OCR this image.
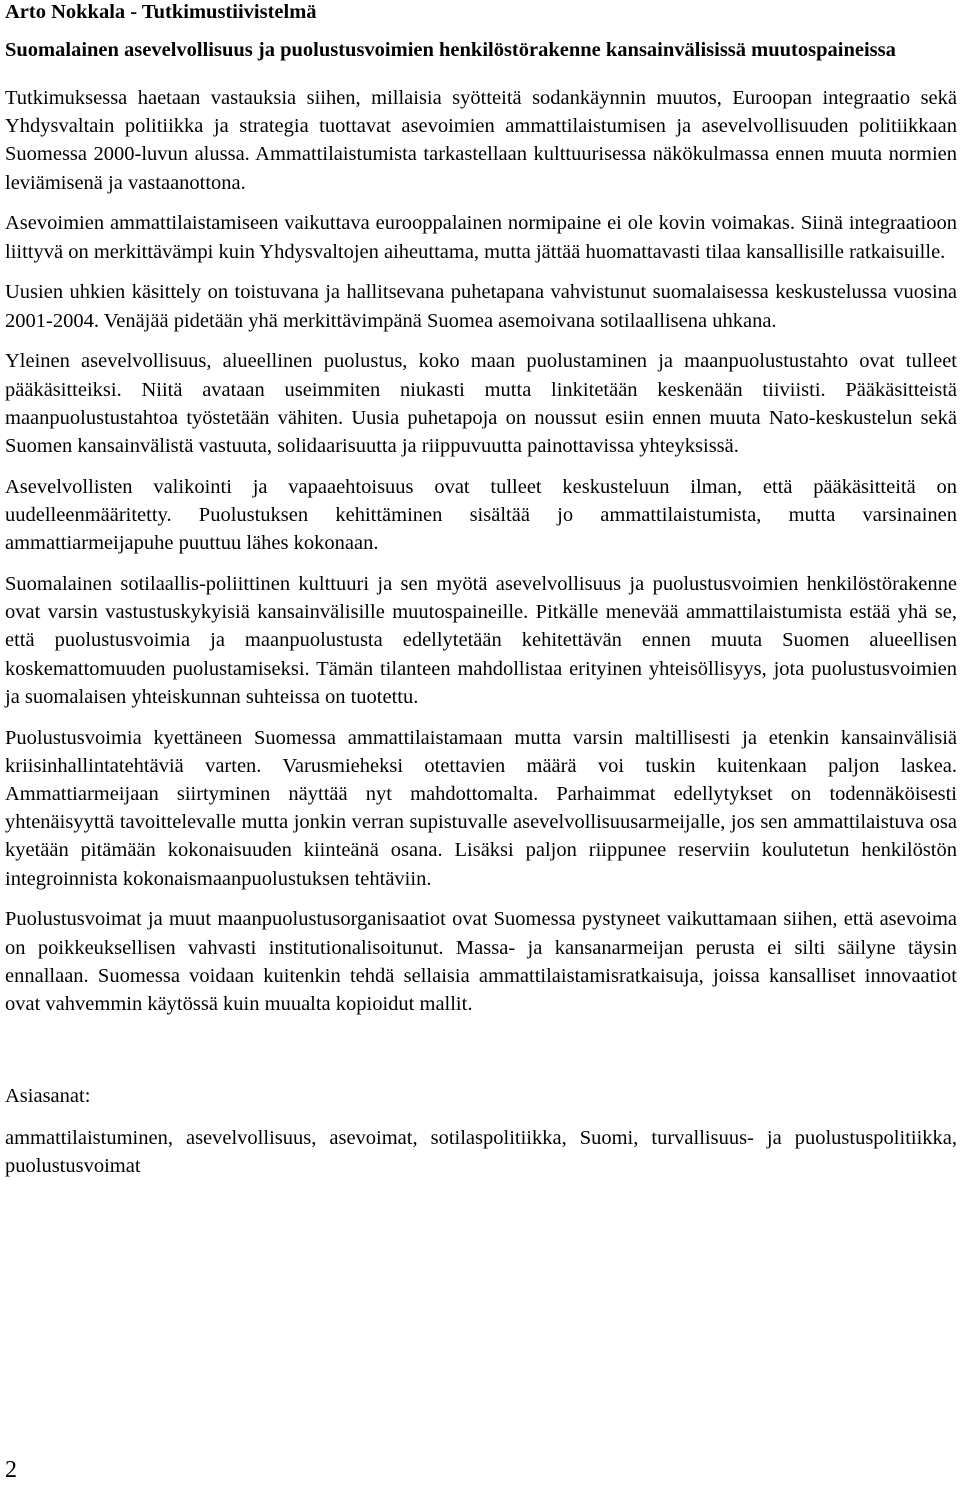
Arto Nokkala - Tutkimustiivistelmä

Suomalainen asevelvollisuus ja puolustusvoimien henkilöstörakenne kansainvälisissä muutospaineissa

Tutkimuksessa haetaan vastauksia siihen, millaisia syötteitä sodankäynnin muutos, Euroopan integraatio sekä Yhdysvaltain politiikka ja strategia tuottavat asevoimien ammattilaistumisen ja asevelvollisuuden politiikkaan Suomessa 2000-luvun alussa. Ammattilaistumista tarkastellaan kulttuurisessa näkökulmassa ennen muuta normien leviämisenä ja vastaanottona.

Asevoimien ammattilaistamiseen vaikuttava eurooppalainen normipaine ei ole kovin voimakas. Siinä integraatioon liittyvä on merkittävämpi kuin Yhdysvaltojen aiheuttama, mutta jättää huomattavasti tilaa kansallisille ratkaisuille.

Uusien uhkien käsittely on toistuvana ja hallitsevana puhetapana vahvistunut suomalaisessa keskustelussa vuosina 2001-2004. Venäjää pidetään yhä merkittävimpänä Suomea asemoivana sotilaallisena uhkana.

Yleinen asevelvollisuus, alueellinen puolustus, koko maan puolustaminen ja maanpuolustustahto ovat tulleet pääkäsitteiksi. Niitä avataan useimmiten niukasti mutta linkitetään keskenään tiiviisti. Pääkäsitteistä maanpuolustustahtoa työstetään vähiten. Uusia puhetapoja on noussut esiin ennen muuta Nato-keskustelun sekä Suomen kansainvälistä vastuuta, solidaarisuutta ja riippuvuutta painottavissa yhteyksissä.

Asevelvollisten valikointi ja vapaaehtoisuus ovat tulleet keskusteluun ilman, että pääkäsitteitä on uudelleenmääritetty. Puolustuksen kehittäminen sisältää jo ammattilaistumista, mutta varsinainen ammattiarmeijapuhe puuttuu lähes kokonaan.

Suomalainen sotilaallis-poliittinen kulttuuri ja sen myötä asevelvollisuus ja puolustusvoimien henkilöstörakenne ovat varsin vastustuskykyisiä kansainvälisille muutospaineille. Pitkälle menevää ammattilaistumista estää yhä se, että puolustusvoimia ja maanpuolustusta edellytetään kehitettävän ennen muuta Suomen alueellisen koskemattomuuden puolustamiseksi. Tämän tilanteen mahdollistaa erityinen yhteisöllisyys, jota puolustusvoimien ja suomalaisen yhteiskunnan suhteissa on tuotettu.

Puolustusvoimia kyettäneen Suomessa ammattilaistamaan mutta varsin maltillisesti ja etenkin kansainvälisiä kriisinhallintatehtäviä varten. Varusmieheksi otettavien määrä voi tuskin kuitenkaan paljon laskea. Ammattiarmeijaan siirtyminen näyttää nyt mahdottomalta. Parhaimmat edellytykset on todennäköisesti yhtenäisyyttä tavoittelevalle mutta jonkin verran supistuvalle asevelvollisuusarmeijalle, jos sen ammattilaistuva osa kyetään pitämään kokonaisuuden kiinteänä osana. Lisäksi paljon riippunee reserviin koulutetun henkilöstön integroinnista kokonaismaanpuolustuksen tehtäviin.

Puolustusvoimat ja muut maanpuolustusorganisaatiot ovat Suomessa pystyneet vaikuttamaan siihen, että asevoima on poikkeuksellisen vahvasti institutionalisoitunut. Massa- ja kansanarmeijan perusta ei silti säilyne täysin ennallaan. Suomessa voidaan kuitenkin tehdä sellaisia ammattilaistamisratkaisuja, joissa kansalliset innovaatiot ovat vahvemmin käytössä kuin muualta kopioidut mallit.

Asiasanat:

ammattilaistuminen, asevelvollisuus, asevoimat, sotilaspolitiikka, Suomi, turvallisuus- ja puolustuspolitiikka, puolustusvoimat

2
